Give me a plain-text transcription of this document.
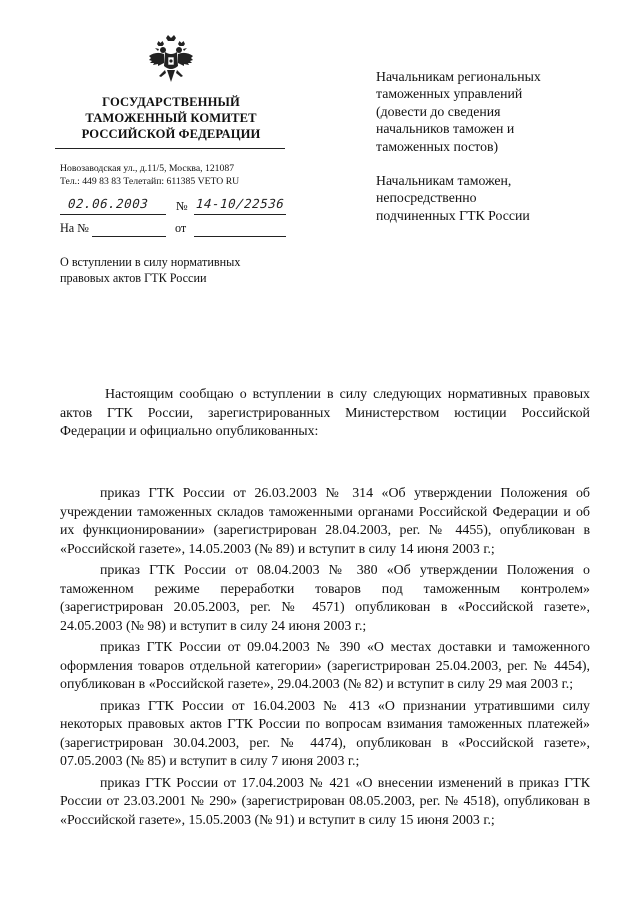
ГОСУДАРСТВЕННЫЙ
ТАМОЖЕННЫЙ КОМИТЕТ
РОССИЙСКОЙ ФЕДЕРАЦИИ
Новозаводская ул., д.11/5, Москва, 121087
Тел.: 449 83 83 Телетайп: 611385 VETO RU
02.06.2003 № 14-10/22536
На №	от
О вступлении в силу нормативных
правовых актов ГТК России
Начальникам региональных
таможенных управлений
(довести до сведения
начальников таможен и
таможенных постов)
Начальникам таможен,
непосредственно
подчиненных ГТК России
Настоящим сообщаю о вступлении в силу следующих нормативных правовых актов ГТК России, зарегистрированных Министерством юстиции Российской Федерации и официально опубликованных:

приказ ГТК России от 26.03.2003 № 314 «Об утверждении Положения об учреждении таможенных складов таможенными органами Российской Федерации и об их функционировании» (зарегистрирован 28.04.2003, рег. № 4455), опубликован в «Российской газете», 14.05.2003 (№ 89) и вступит в силу 14 июня 2003 г.;

приказ ГТК России от 08.04.2003 № 380 «Об утверждении Положения о таможенном режиме переработки товаров под таможенным контролем» (зарегистрирован 20.05.2003, рег. № 4571) опубликован в «Российской газете», 24.05.2003 (№ 98) и вступит в силу 24 июня 2003 г.;

приказ ГТК России от 09.04.2003 № 390 «О местах доставки и таможенного оформления товаров отдельной категории» (зарегистрирован 25.04.2003, рег. № 4454), опубликован в «Российской газете», 29.04.2003 (№ 82) и вступит в силу 29 мая 2003 г.;

приказ ГТК России от 16.04.2003 № 413 «О признании утратившими силу некоторых правовых актов ГТК России по вопросам взимания таможенных платежей» (зарегистрирован 30.04.2003, рег. № 4474), опубликован в «Российской газете», 07.05.2003 (№ 85) и вступит в силу 7 июня 2003 г.;

приказ ГТК России от 17.04.2003 № 421 «О внесении изменений в приказ ГТК России от 23.03.2001 № 290» (зарегистрирован 08.05.2003, рег. № 4518), опубликован в «Российской газете», 15.05.2003 (№ 91) и вступит в силу 15 июня 2003 г.;
